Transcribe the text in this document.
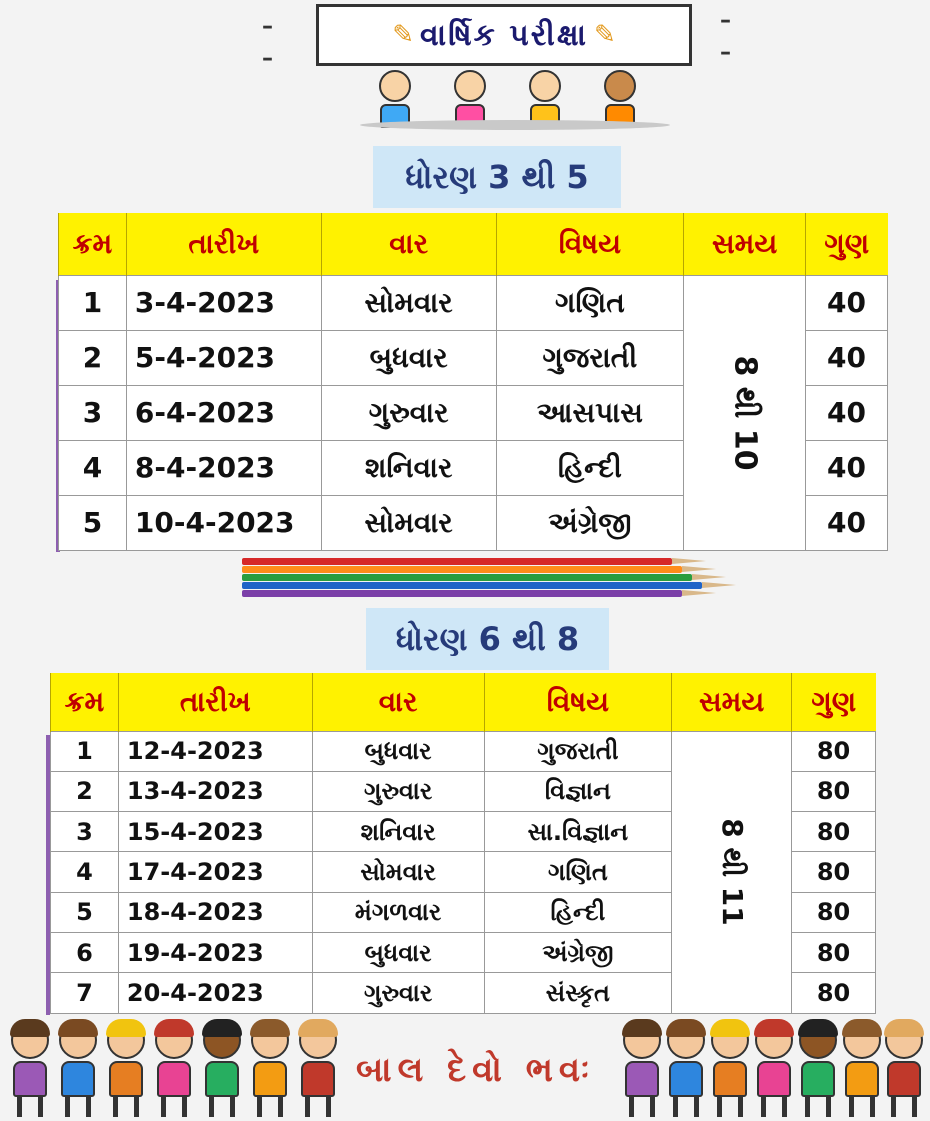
–
–
–
–
✎ વાર્ષિક પરીક્ષા ✎
ધોરણ 3 થી 5
ક્રમ	તારીખ	વાર	વિષય	સમય	ગુણ
1	3-4-2023	સોમવાર	ગણિત	8 થી 10	40
2	5-4-2023	બુધવાર	ગુજરાતી		40
3	6-4-2023	ગુરુવાર	આસપાસ		40
4	8-4-2023	શનિવાર	હિન્દી		40
5	10-4-2023	સોમવાર	અંગ્રેજી		40
ધોરણ 6 થી 8
ક્રમ	તારીખ	વાર	વિષય	સમય	ગુણ
1	12-4-2023	બુધવાર	ગુજરાતી	8 થી 11	80
2	13-4-2023	ગુરુવાર	વિજ્ઞાન		80
3	15-4-2023	શનિવાર	સા.વિજ્ઞાન		80
4	17-4-2023	સોમવાર	ગણિત		80
5	18-4-2023	મંગળવાર	હિન્દી		80
6	19-4-2023	બુધવાર	અંગ્રેજી		80
7	20-4-2023	ગુરુવાર	સંસ્કૃત		80
બાલ દેવો ભવઃ
